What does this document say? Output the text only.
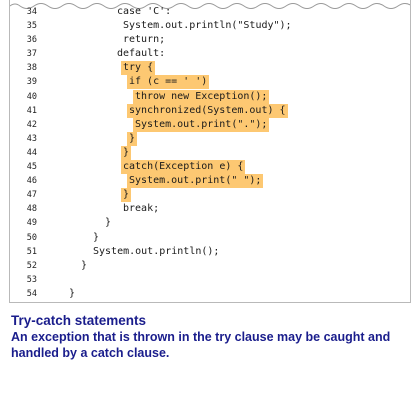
34	case 'C':
35	System.out.println("Study");
36	return;
37	default:
38	try {
39	if (c == ' ')
40	throw new Exception();
41	synchronized(System.out) {
42	System.out.print(".");
43	}
44	}
45	catch(Exception e) {
46	System.out.print(" ");
47	}
48	break;
49	}
50	}
51	System.out.println();
52	}
53
54	}

Try-catch statements

An exception that is thrown in the try clause may be caught and handled by a catch clause.
